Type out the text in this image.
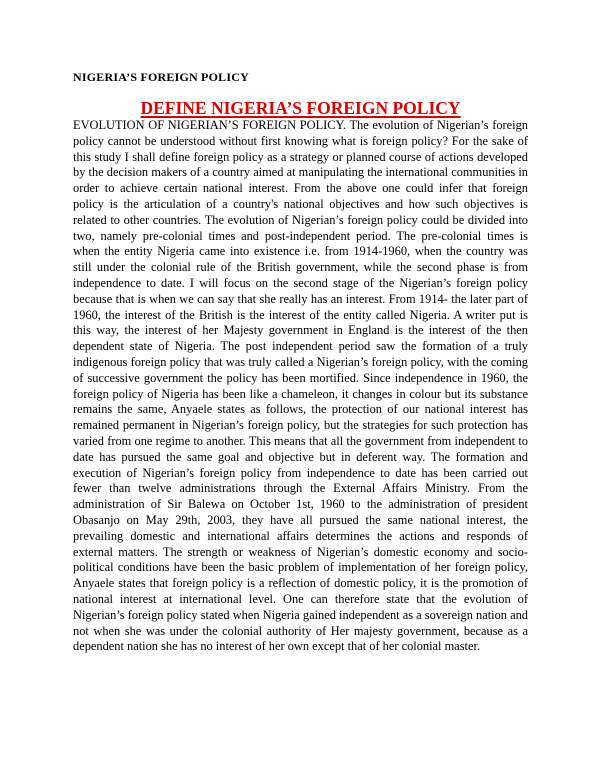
NIGERIA’S FOREIGN POLICY
DEFINE NIGERIA’S FOREIGN POLICY
EVOLUTION OF NIGERIAN’S FOREIGN POLICY. The evolution of Nigerian’s foreign policy cannot be understood without first knowing what is foreign policy? For the sake of this study I shall define foreign policy as a strategy or planned course of actions developed by the decision makers of a country aimed at manipulating the international communities in order to achieve certain national interest. From the above one could infer that foreign policy is the articulation of a country's national objectives and how such objectives is related to other countries. The evolution of Nigerian’s foreign policy could be divided into two, namely pre-colonial times and post-independent period. The pre-colonial times is when the entity Nigeria came into existence i.e. from 1914-1960, when the country was still under the colonial rule of the British government, while the second phase is from independence to date. I will focus on the second stage of the Nigerian’s foreign policy because that is when we can say that she really has an interest. From 1914- the later part of 1960, the interest of the British is the interest of the entity called Nigeria. A writer put is this way, the interest of her Majesty government in England is the interest of the then dependent state of Nigeria. The post independent period saw the formation of a truly indigenous foreign policy that was truly called a Nigerian’s foreign policy, with the coming of successive government the policy has been mortified. Since independence in 1960, the foreign policy of Nigeria has been like a chameleon, it changes in colour but its substance remains the same, Anyaele states as follows, the protection of our national interest has remained permanent in Nigerian’s foreign policy, but the strategies for such protection has varied from one regime to another. This means that all the government from independent to date has pursued the same goal and objective but in deferent way. The formation and execution of Nigerian’s foreign policy from independence to date has been carried out fewer than twelve administrations through the External Affairs Ministry. From the administration of Sir Balewa on October 1st, 1960 to the administration of president Obasanjo on May 29th, 2003, they have all pursued the same national interest, the prevailing domestic and international affairs determines the actions and responds of external matters. The strength or weakness of Nigerian’s domestic economy and socio-political conditions have been the basic problem of implementation of her foreign policy, Anyaele states that foreign policy is a reflection of domestic policy, it is the promotion of national interest at international level. One can therefore state that the evolution of Nigerian’s foreign policy stated when Nigeria gained independent as a sovereign nation and not when she was under the colonial authority of Her majesty government, because as a dependent nation she has no interest of her own except that of her colonial master.
